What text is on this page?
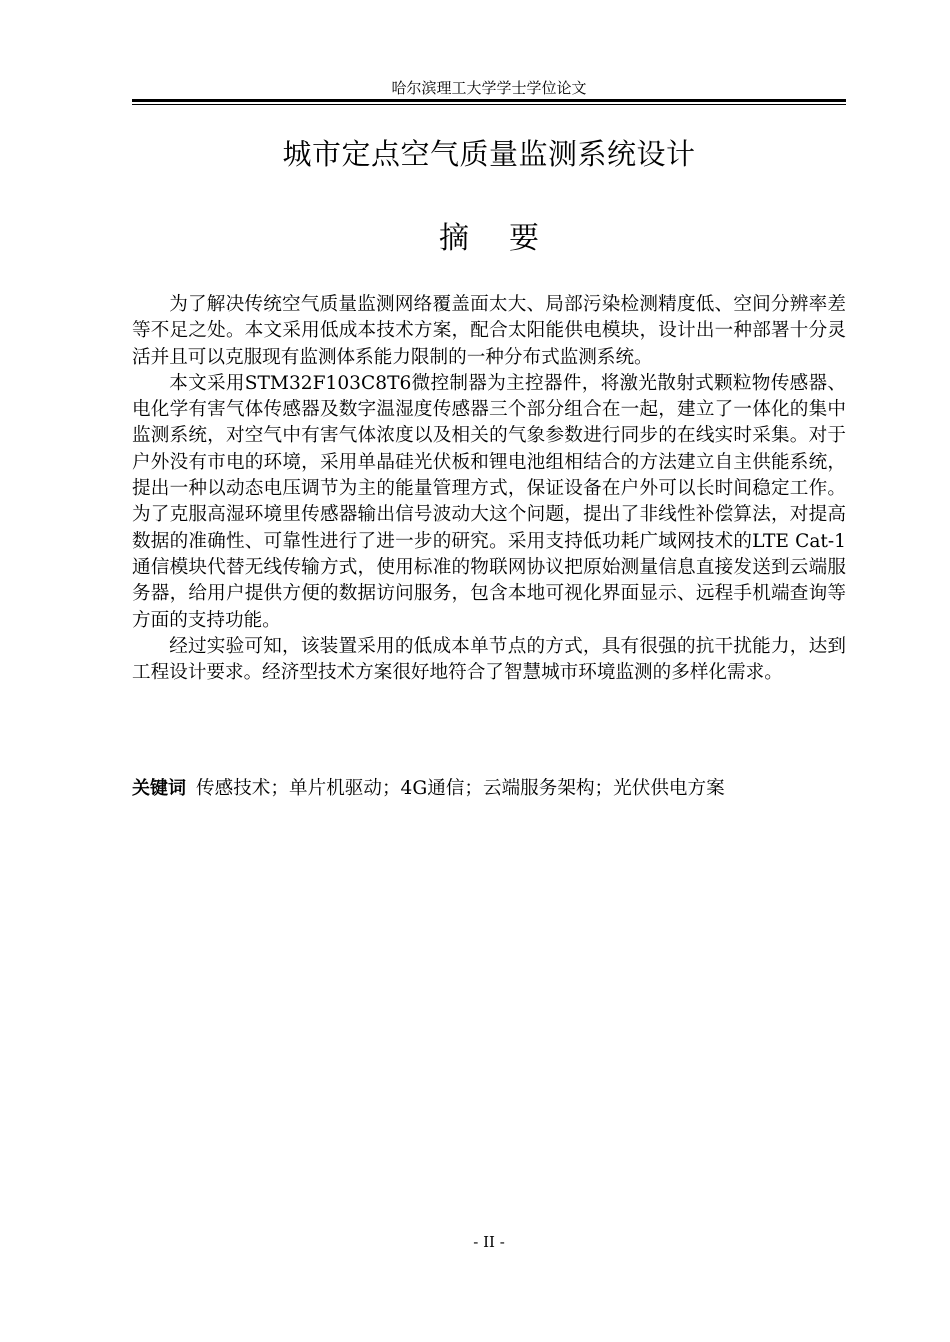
哈尔滨理工大学学士学位论文
城市定点空气质量监测系统设计
摘要

为了解决传统空气质量监测网络覆盖面太大、局部污染检测精度低、空间分辨率差等不足之处。本文采用低成本技术方案，配合太阳能供电模块，设计出一种部署十分灵活并且可以克服现有监测体系能力限制的一种分布式监测系统。

本文采用STM32F103C8T6微控制器为主控器件，将激光散射式颗粒物传感器、电化学有害气体传感器及数字温湿度传感器三个部分组合在一起，建立了一体化的集中监测系统，对空气中有害气体浓度以及相关的气象参数进行同步的在线实时采集。对于户外没有市电的环境，采用单晶硅光伏板和锂电池组相结合的方法建立自主供能系统，提出一种以动态电压调节为主的能量管理方式，保证设备在户外可以长时间稳定工作。为了克服高湿环境里传感器输出信号波动大这个问题，提出了非线性补偿算法，对提高数据的准确性、可靠性进行了进一步的研究。采用支持低功耗广域网技术的LTE Cat-1通信模块代替无线传输方式，使用标准的物联网协议把原始测量信息直接发送到云端服务器，给用户提供方便的数据访问服务，包含本地可视化界面显示、远程手机端查询等方面的支持功能。

经过实验可知，该装置采用的低成本单节点的方式，具有很强的抗干扰能力，达到工程设计要求。经济型技术方案很好地符合了智慧城市环境监测的多样化需求。

关键词 传感技术；单片机驱动；4G通信；云端服务架构；光伏供电方案
- II -
